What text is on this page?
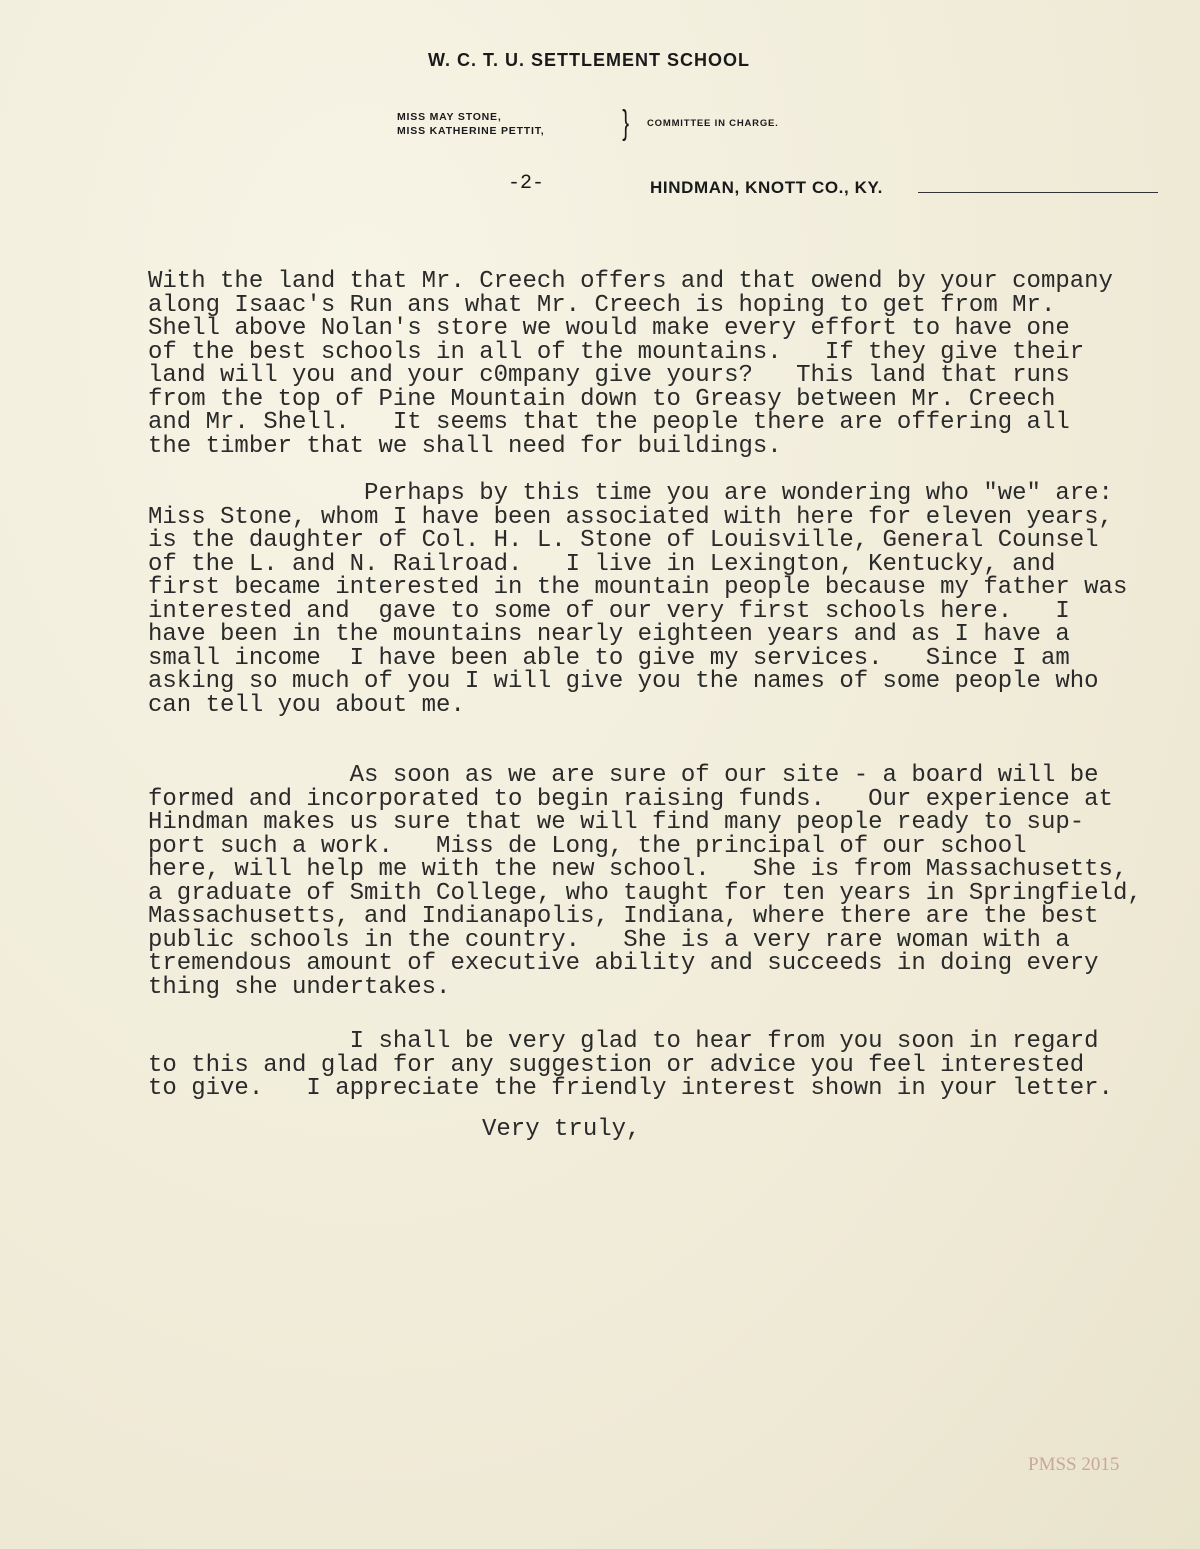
W. C. T. U. SETTLEMENT SCHOOL
MISS MAY STONE,
MISS KATHERINE PETTIT, } COMMITTEE IN CHARGE.
-2-	HINDMAN, KNOTT CO., KY.
With the land that Mr. Creech offers and that owend by your company
along Isaac's Run ans what Mr. Creech is hoping to get from Mr.
Shell above Nolan's store we would make every effort to have one
of the best schools in all of the mountains.   If they give their
land will you and your c0mpany give yours?   This land that runs
from the top of Pine Mountain down to Greasy between Mr. Creech
and Mr. Shell.   It seems that the people there are offering all
the timber that we shall need for buildings.
Perhaps by this time you are wondering who "we" are:
Miss Stone, whom I have been associated with here for eleven years,
is the daughter of Col. H. L. Stone of Louisville, General Counsel
of the L. and N. Railroad.   I live in Lexington, Kentucky, and
first became interested in the mountain people because my father was
interested and  gave to some of our very first schools here.   I
have been in the mountains nearly eighteen years and as I have a
small income  I have been able to give my services.   Since I am
asking so much of you I will give you the names of some people who
can tell you about me.
As soon as we are sure of our site - a board will be
formed and incorporated to begin raising funds.   Our experience at
Hindman makes us sure that we will find many people ready to sup-
port such a work.   Miss de Long, the principal of our school
here, will help me with the new school.   She is from Massachusetts,
a graduate of Smith College, who taught for ten years in Springfield,
Massachusetts, and Indianapolis, Indiana, where there are the best
public schools in the country.   She is a very rare woman with a
tremendous amount of executive ability and succeeds in doing every
thing she undertakes.
I shall be very glad to hear from you soon in regard
to this and glad for any suggestion or advice you feel interested
to give.   I appreciate the friendly interest shown in your letter.
Very truly,
PMSS 2015
